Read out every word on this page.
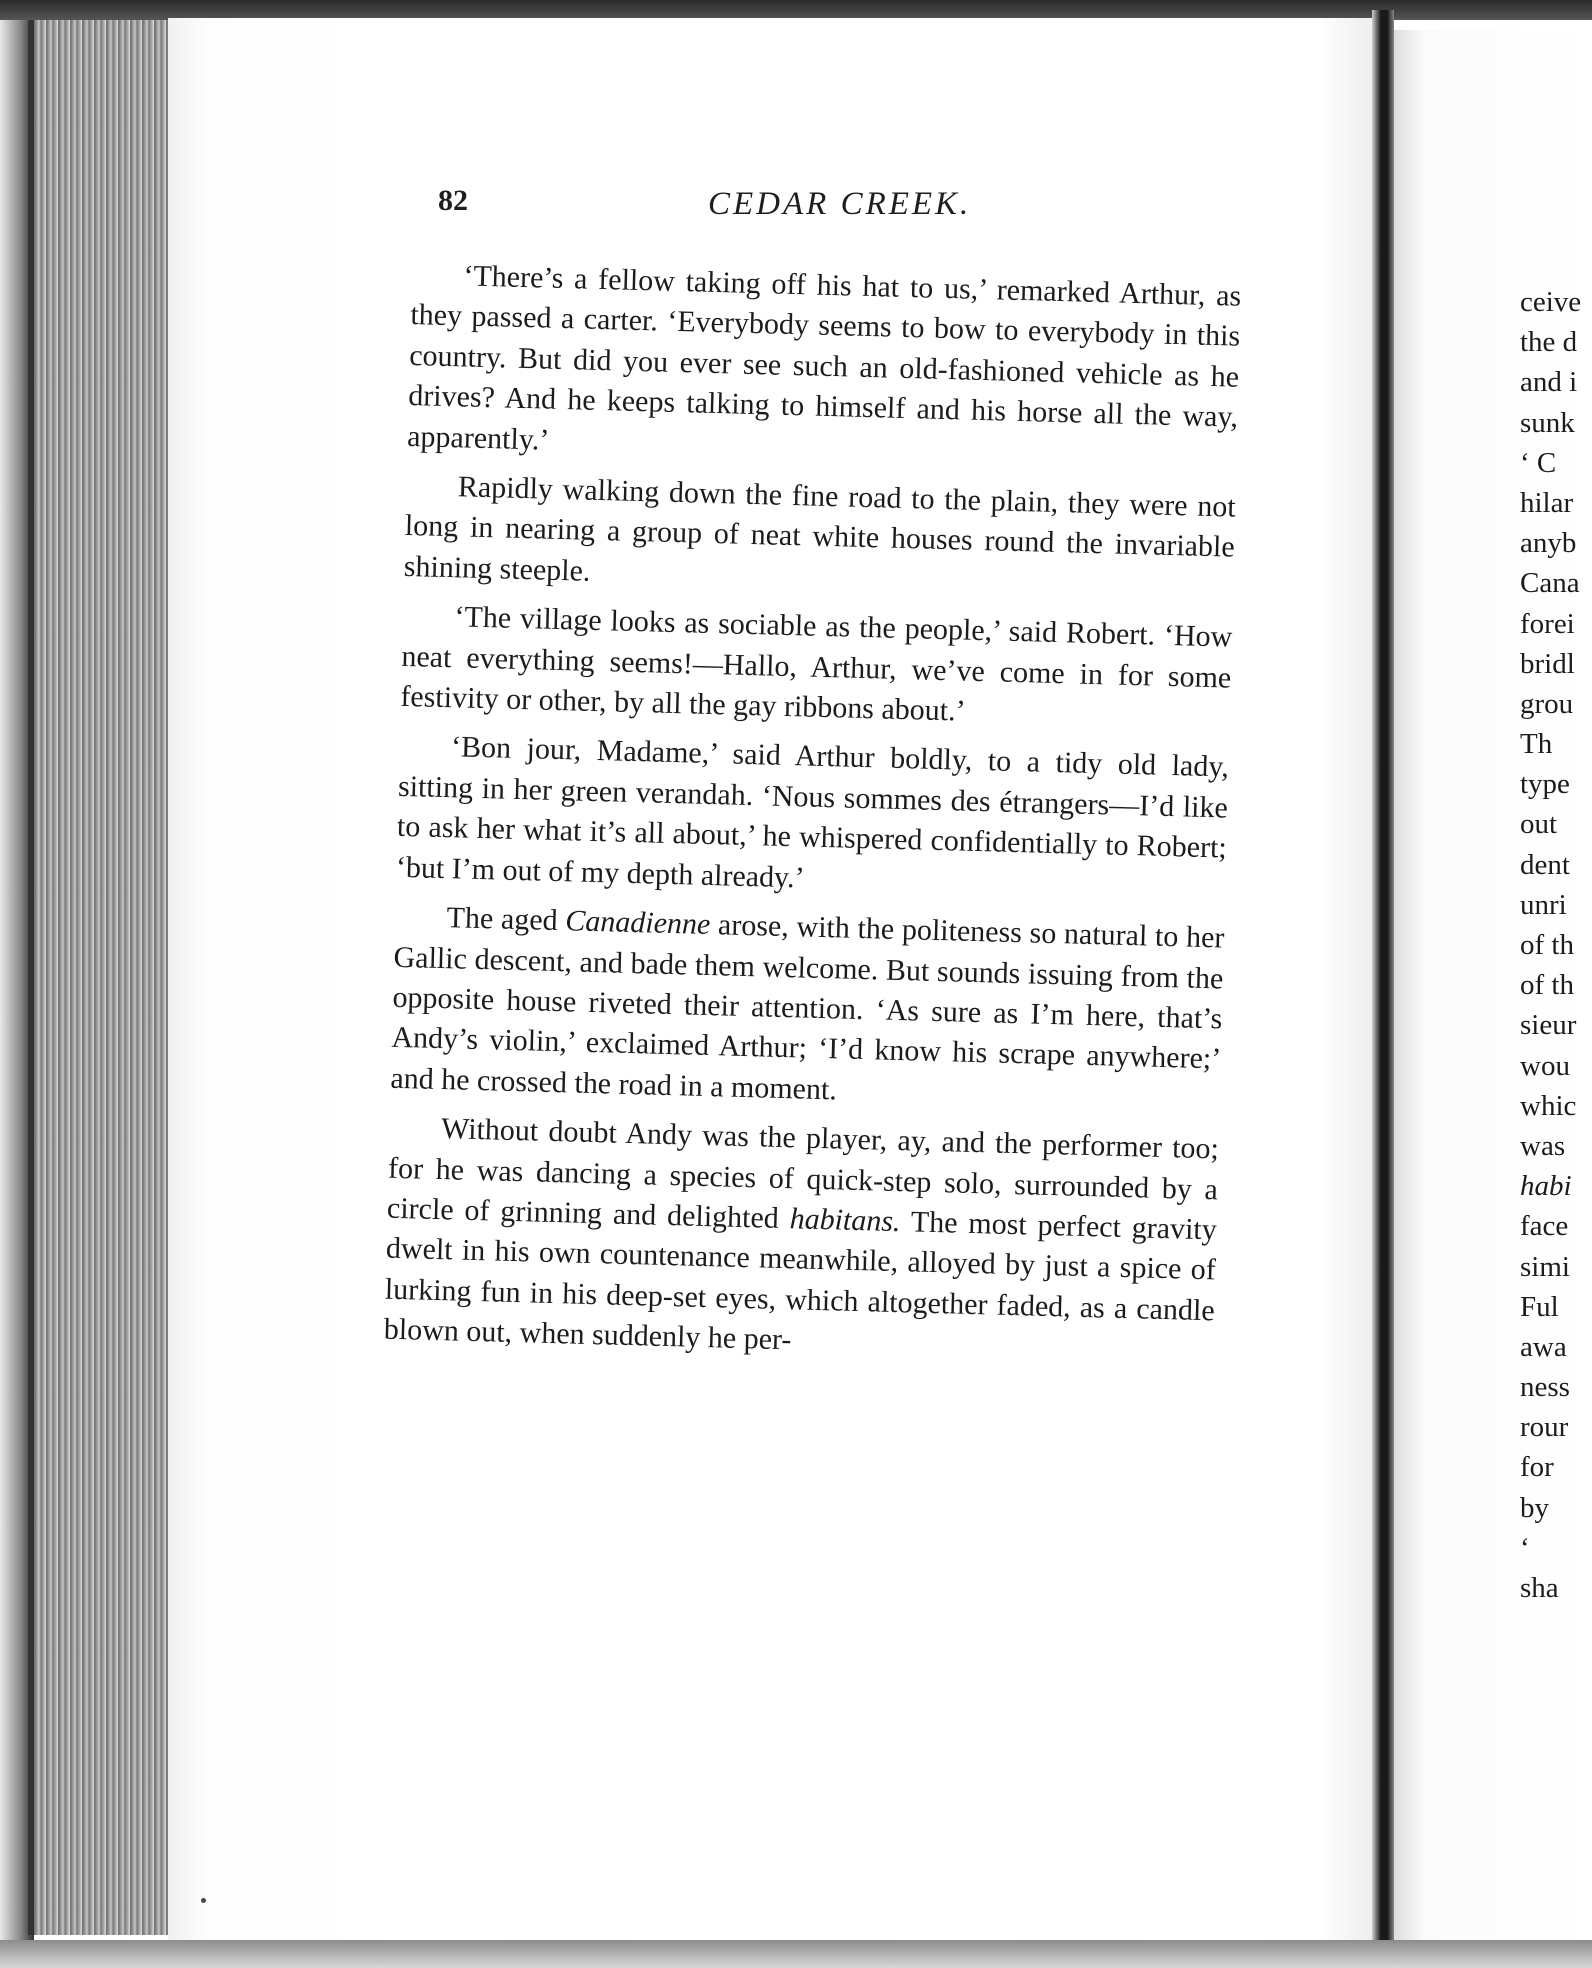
82	CEDAR CREEK.

‘There’s a fellow taking off his hat to us,’ remarked Arthur, as they passed a carter. ‘Everybody seems to bow to everybody in this country. But did you ever see such an old-fashioned vehicle as he drives? And he keeps talking to himself and his horse all the way, apparently.’

Rapidly walking down the fine road to the plain, they were not long in nearing a group of neat white houses round the invariable shining steeple.

‘The village looks as sociable as the people,’ said Robert. ‘How neat everything seems!—Hallo, Arthur, we’ve come in for some festivity or other, by all the gay ribbons about.’

‘Bon jour, Madame,’ said Arthur boldly, to a tidy old lady, sitting in her green verandah. ‘Nous sommes des étrangers—I’d like to ask her what it’s all about,’ he whispered confidentially to Robert; ‘but I’m out of my depth already.’

The aged Canadienne arose, with the politeness so natural to her Gallic descent, and bade them welcome. But sounds issuing from the opposite house riveted their attention. ‘As sure as I’m here, that’s Andy’s violin,’ exclaimed Arthur; ‘I’d know his scrape anywhere;’ and he crossed the road in a moment.

Without doubt Andy was the player, ay, and the performer too; for he was dancing a species of quick-step solo, surrounded by a circle of grinning and delighted habitans. The most perfect gravity dwelt in his own countenance meanwhile, alloyed by just a spice of lurking fun in his deep-set eyes, which altogether faded, as a candle blown out, when suddenly he per-

ceive
the d
and i
sunk
‘ C
hilar
anyb
Cana
forei
bridl
grou
Th
type
out
dent
unri
of th
of th
sieur
wou
whic
was
habi
face
simi
Ful
awa
ness
rour
for
by
‘
sha
